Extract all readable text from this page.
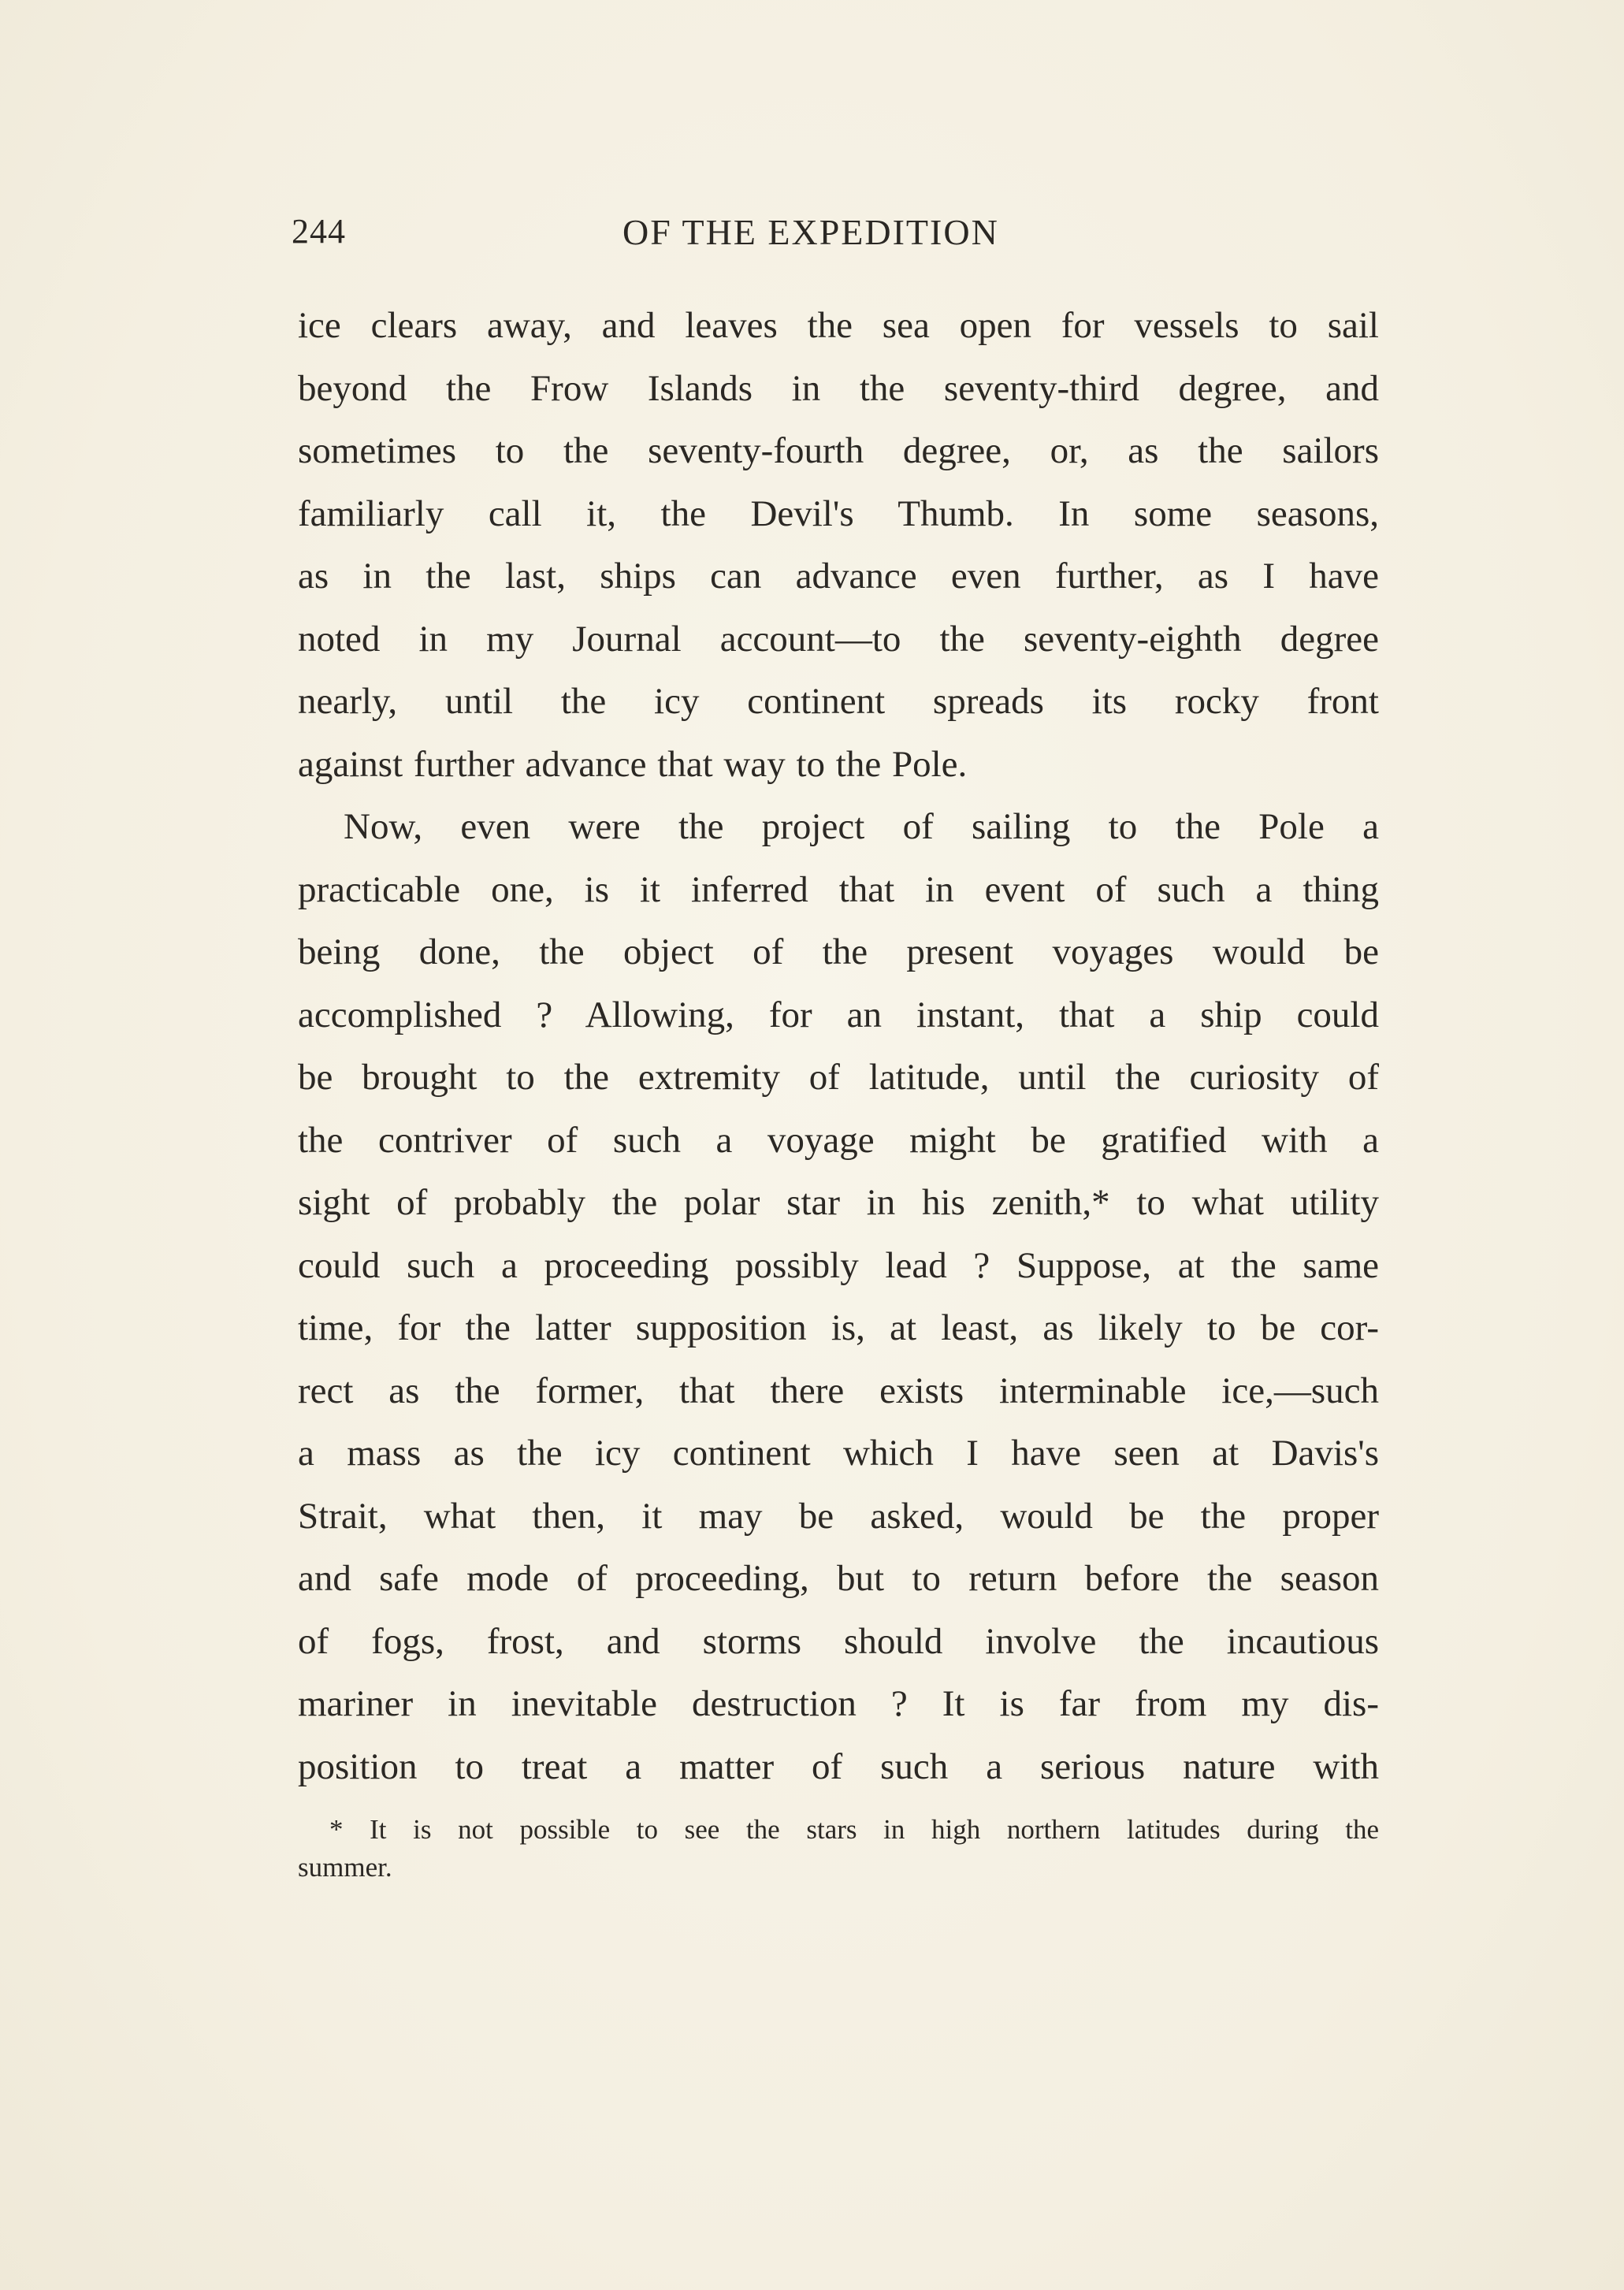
244	OF THE EXPEDITION
ice clears away, and leaves the sea open for vessels to sail
beyond the Frow Islands in the seventy-third degree, and
sometimes to the seventy-fourth degree, or, as the sailors
familiarly call it, the Devil's Thumb. In some seasons,
as in the last, ships can advance even further, as I have
noted in my Journal account—to the seventy-eighth degree
nearly, until the icy continent spreads its rocky front
against further advance that way to the Pole.
Now, even were the project of sailing to the Pole a
practicable one, is it inferred that in event of such a thing
being done, the object of the present voyages would be
accomplished ? Allowing, for an instant, that a ship could
be brought to the extremity of latitude, until the curiosity of
the contriver of such a voyage might be gratified with a
sight of probably the polar star in his zenith,* to what utility
could such a proceeding possibly lead ? Suppose, at the same
time, for the latter supposition is, at least, as likely to be cor-
rect as the former, that there exists interminable ice,—such
a mass as the icy continent which I have seen at Davis's
Strait, what then, it may be asked, would be the proper
and safe mode of proceeding, but to return before the season
of fogs, frost, and storms should involve the incautious
mariner in inevitable destruction ? It is far from my dis-
position to treat a matter of such a serious nature with
* It is not possible to see the stars in high northern latitudes during the
summer.
